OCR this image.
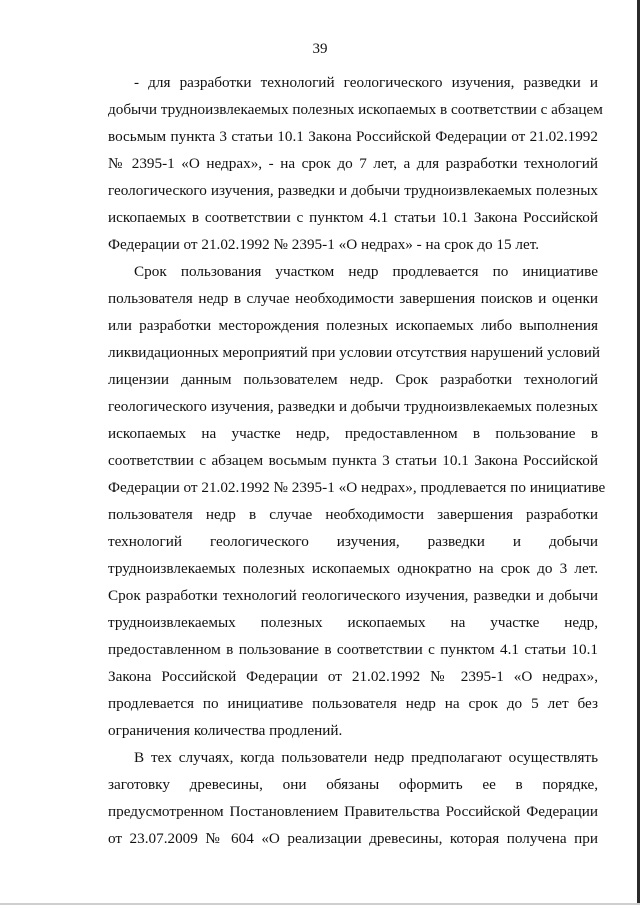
39
- для разработки технологий геологического изучения, разведки и
добычи трудноизвлекаемых полезных ископаемых в соответствии с абзацем
восьмым пункта 3 статьи 10.1 Закона Российской Федерации от 21.02.1992
№ 2395-1 «О недрах», - на срок до 7 лет, а для разработки технологий
геологического изучения, разведки и добычи трудноизвлекаемых полезных
ископаемых в соответствии с пунктом 4.1 статьи 10.1 Закона Российской
Федерации от 21.02.1992 № 2395-1 «О недрах» - на срок до 15 лет.
Срок пользования участком недр продлевается по инициативе
пользователя недр в случае необходимости завершения поисков и оценки
или разработки месторождения полезных ископаемых либо выполнения
ликвидационных мероприятий при условии отсутствия нарушений условий
лицензии данным пользователем недр. Срок разработки технологий
геологического изучения, разведки и добычи трудноизвлекаемых полезных
ископаемых на участке недр, предоставленном в пользование в
соответствии с абзацем восьмым пункта 3 статьи 10.1 Закона Российской
Федерации от 21.02.1992 № 2395-1 «О недрах», продлевается по инициативе
пользователя недр в случае необходимости завершения разработки
технологий геологического изучения, разведки и добычи
трудноизвлекаемых полезных ископаемых однократно на срок до 3 лет.
Срок разработки технологий геологического изучения, разведки и добычи
трудноизвлекаемых полезных ископаемых на участке недр,
предоставленном в пользование в соответствии с пунктом 4.1 статьи 10.1
Закона Российской Федерации от 21.02.1992 № 2395-1 «О недрах»,
продлевается по инициативе пользователя недр на срок до 5 лет без
ограничения количества продлений.
В тех случаях, когда пользователи недр предполагают осуществлять
заготовку древесины, они обязаны оформить ее в порядке,
предусмотренном Постановлением Правительства Российской Федерации
от 23.07.2009 № 604 «О реализации древесины, которая получена при
